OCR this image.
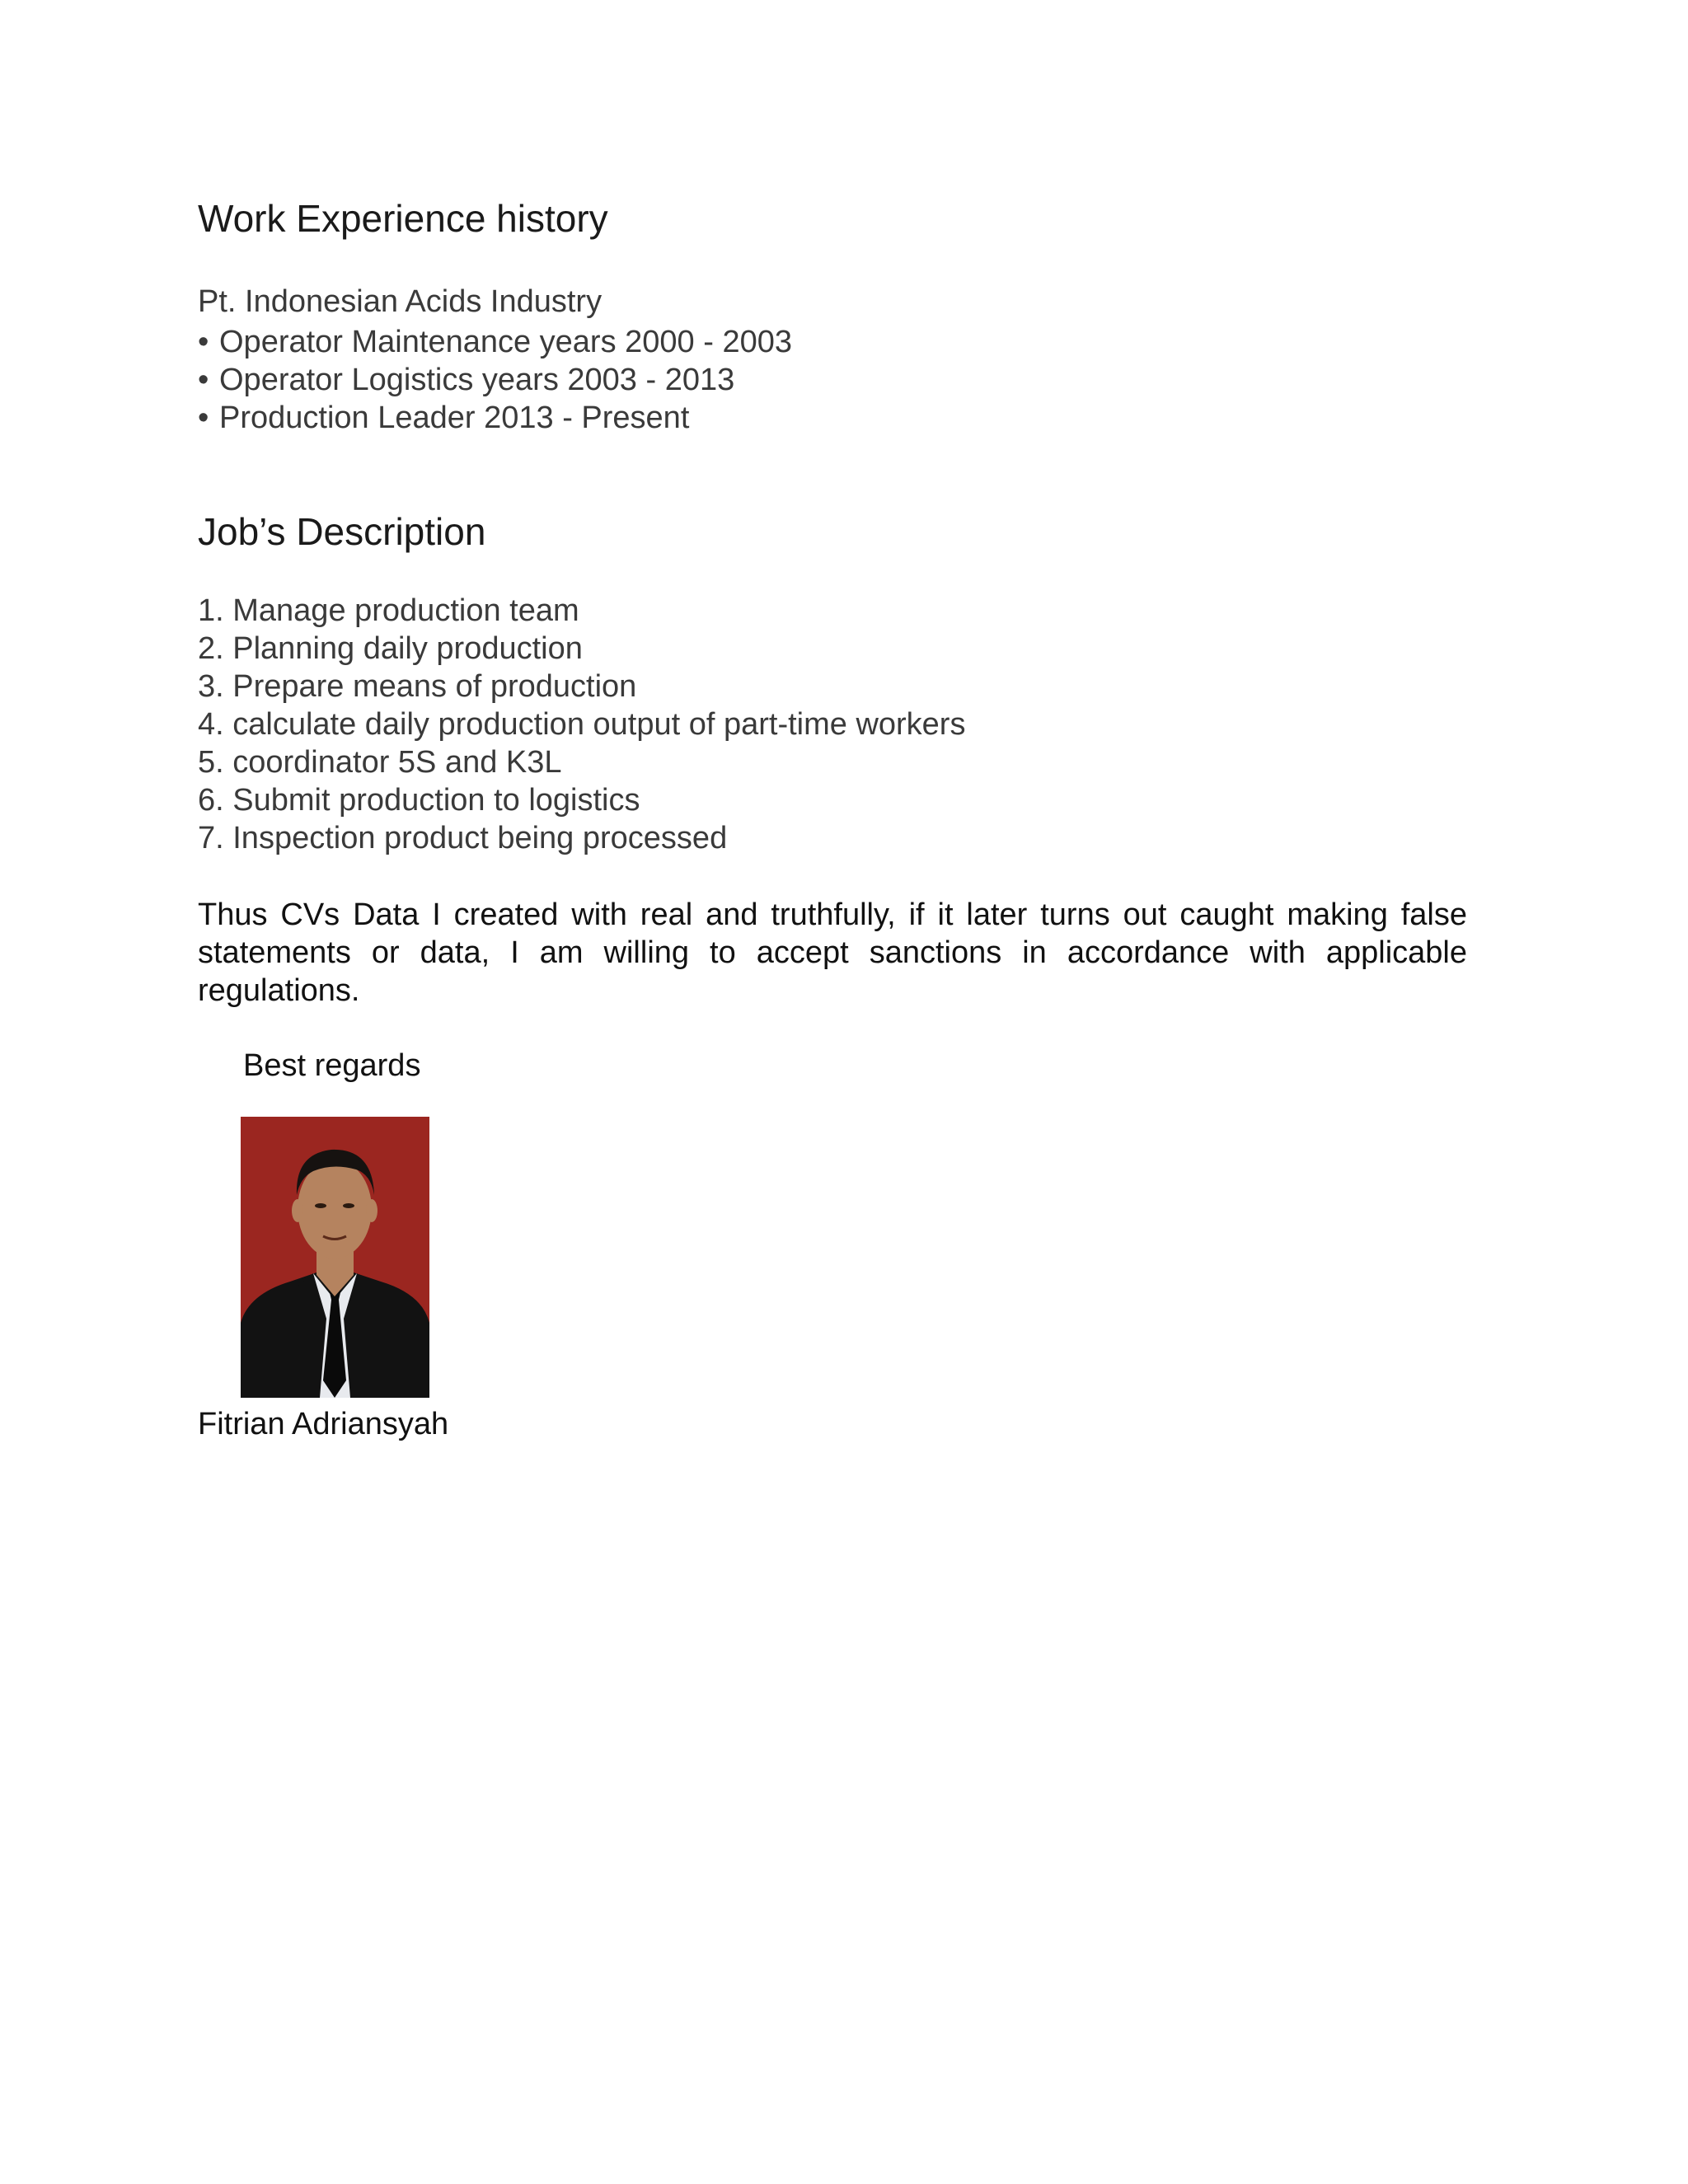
Work Experience history
Pt. Indonesian Acids Industry
• Operator Maintenance years 2000 - 2003
• Operator Logistics years 2003 - 2013
• Production Leader 2013 - Present
Job’s Description
1. Manage production team
2. Planning daily production
3. Prepare means of production
4. calculate daily production output of part-time workers
5. coordinator 5S and K3L
6. Submit production to logistics
7. Inspection product being processed

Thus CVs Data I created with real and truthfully, if it later turns out caught making false statements or data, I am willing to accept sanctions in accordance with applicable regulations.

Best regards
Fitrian Adriansyah
